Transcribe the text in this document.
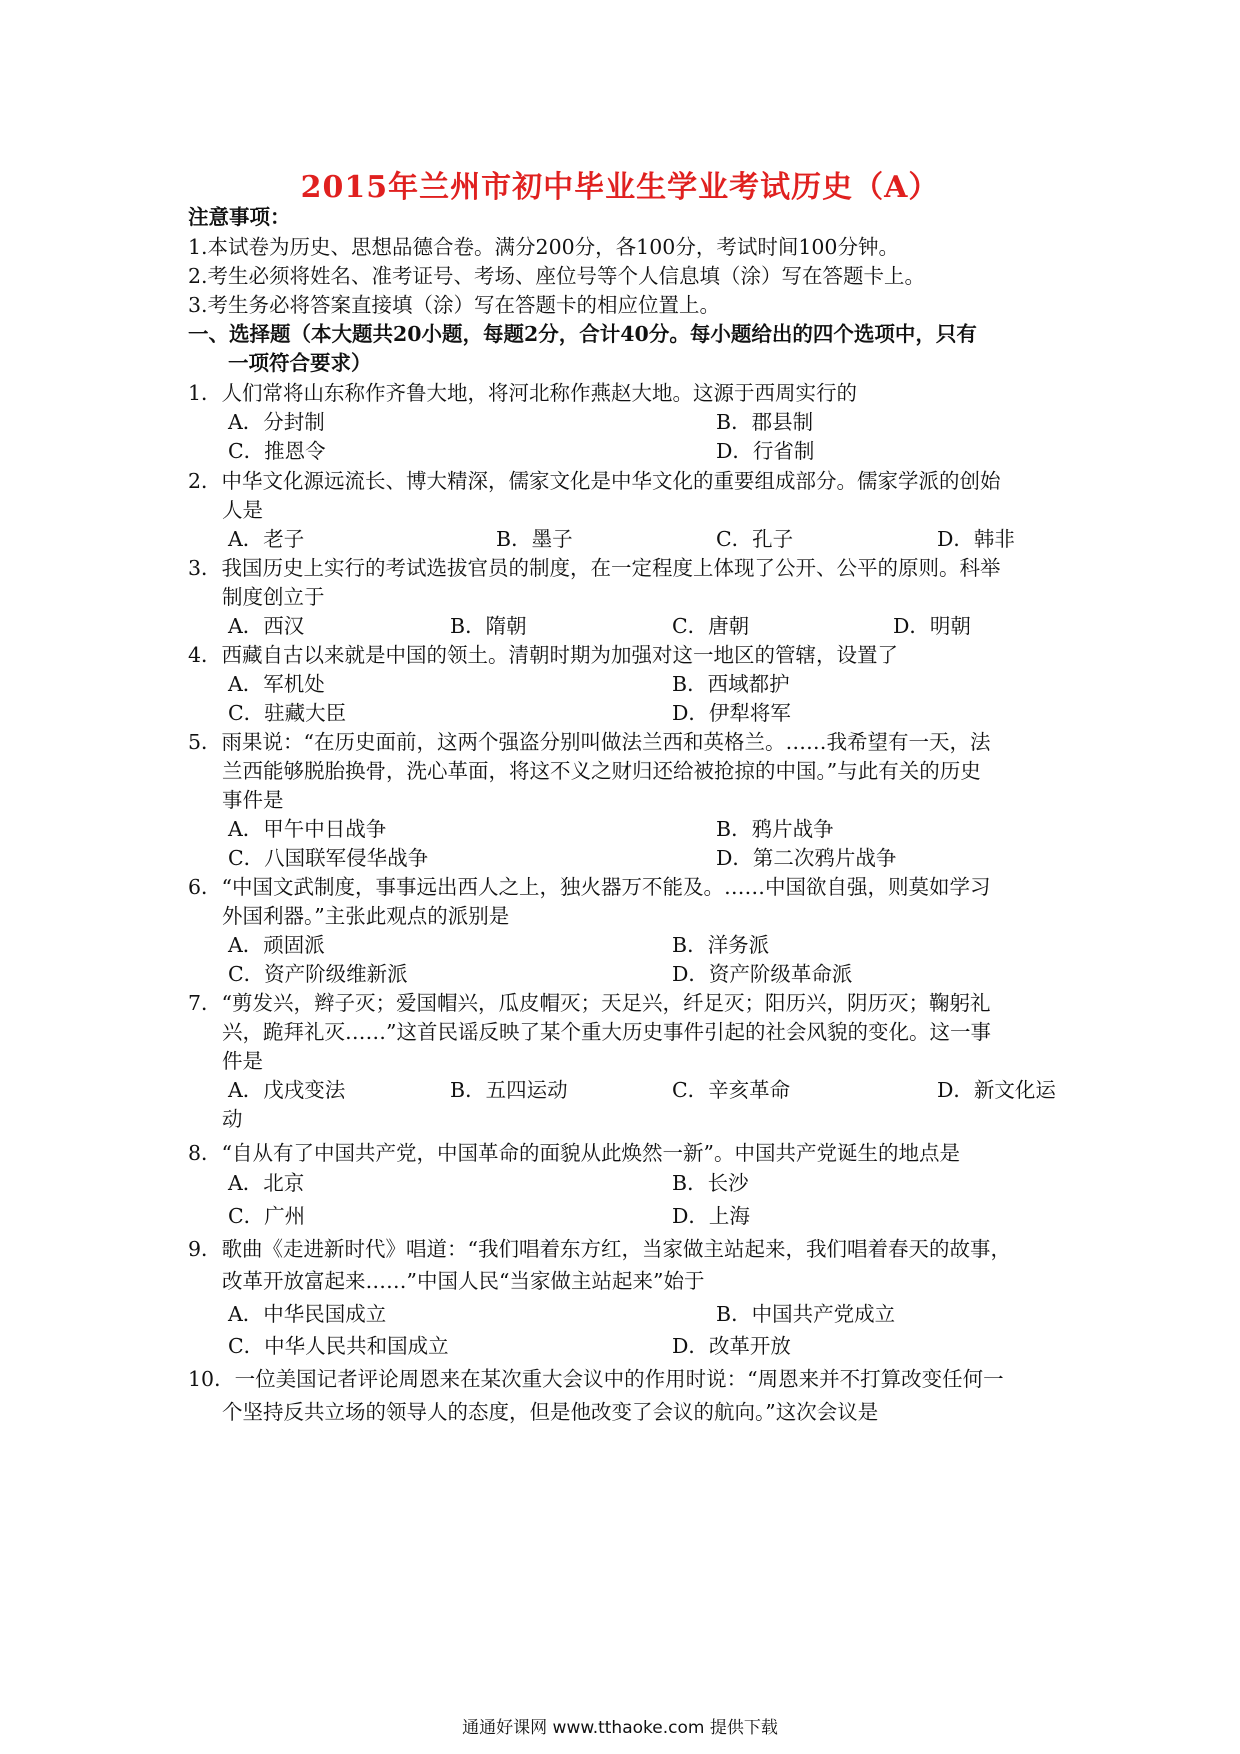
2015年兰州市初中毕业生学业考试历史（A）
注意事项：
1.本试卷为历史、思想品德合卷。满分200分，各100分，考试时间100分钟。
2.考生必须将姓名、准考证号、考场、座位号等个人信息填（涂）写在答题卡上。
3.考生务必将答案直接填（涂）写在答题卡的相应位置上。
一、选择题（本大题共20小题，每题2分，合计40分。每小题给出的四个选项中，只有
一项符合要求）
1．人们常将山东称作齐鲁大地，将河北称作燕赵大地。这源于西周实行的
A．分封制	B．郡县制
C．推恩令	D．行省制
2．中华文化源远流长、博大精深，儒家文化是中华文化的重要组成部分。儒家学派的创始
人是
A．老子	B．墨子	C．孔子	D．韩非
3．我国历史上实行的考试选拔官员的制度，在一定程度上体现了公开、公平的原则。科举
制度创立于
A．西汉	B．隋朝	C．唐朝	D．明朝
4．西藏自古以来就是中国的领土。清朝时期为加强对这一地区的管辖，设置了
A．军机处	B．西域都护
C．驻藏大臣	D．伊犁将军
5．雨果说：“在历史面前，这两个强盗分别叫做法兰西和英格兰。……我希望有一天，法
兰西能够脱胎换骨，洗心革面，将这不义之财归还给被抢掠的中国。”与此有关的历史
事件是
A．甲午中日战争	B．鸦片战争
C．八国联军侵华战争	D．第二次鸦片战争
6．“中国文武制度，事事远出西人之上，独火器万不能及。……中国欲自强，则莫如学习
外国利器。”主张此观点的派别是
A．顽固派	B．洋务派
C．资产阶级维新派	D．资产阶级革命派
7．“剪发兴，辫子灭；爱国帽兴，瓜皮帽灭；天足兴，纤足灭；阳历兴，阴历灭；鞠躬礼
兴，跪拜礼灭……”这首民谣反映了某个重大历史事件引起的社会风貌的变化。这一事
件是
A．戊戌变法	B．五四运动	C．辛亥革命	D．新文化运
动
8．“自从有了中国共产党，中国革命的面貌从此焕然一新”。中国共产党诞生的地点是
A．北京	B．长沙
C．广州	D．上海
9．歌曲《走进新时代》唱道：“我们唱着东方红，当家做主站起来，我们唱着春天的故事，
改革开放富起来……”中国人民“当家做主站起来”始于
A．中华民国成立	B．中国共产党成立
C．中华人民共和国成立	D．改革开放
10．一位美国记者评论周恩来在某次重大会议中的作用时说：“周恩来并不打算改变任何一
个坚持反共立场的领导人的态度，但是他改变了会议的航向。”这次会议是
通通好课网 www.tthaoke.com 提供下载
